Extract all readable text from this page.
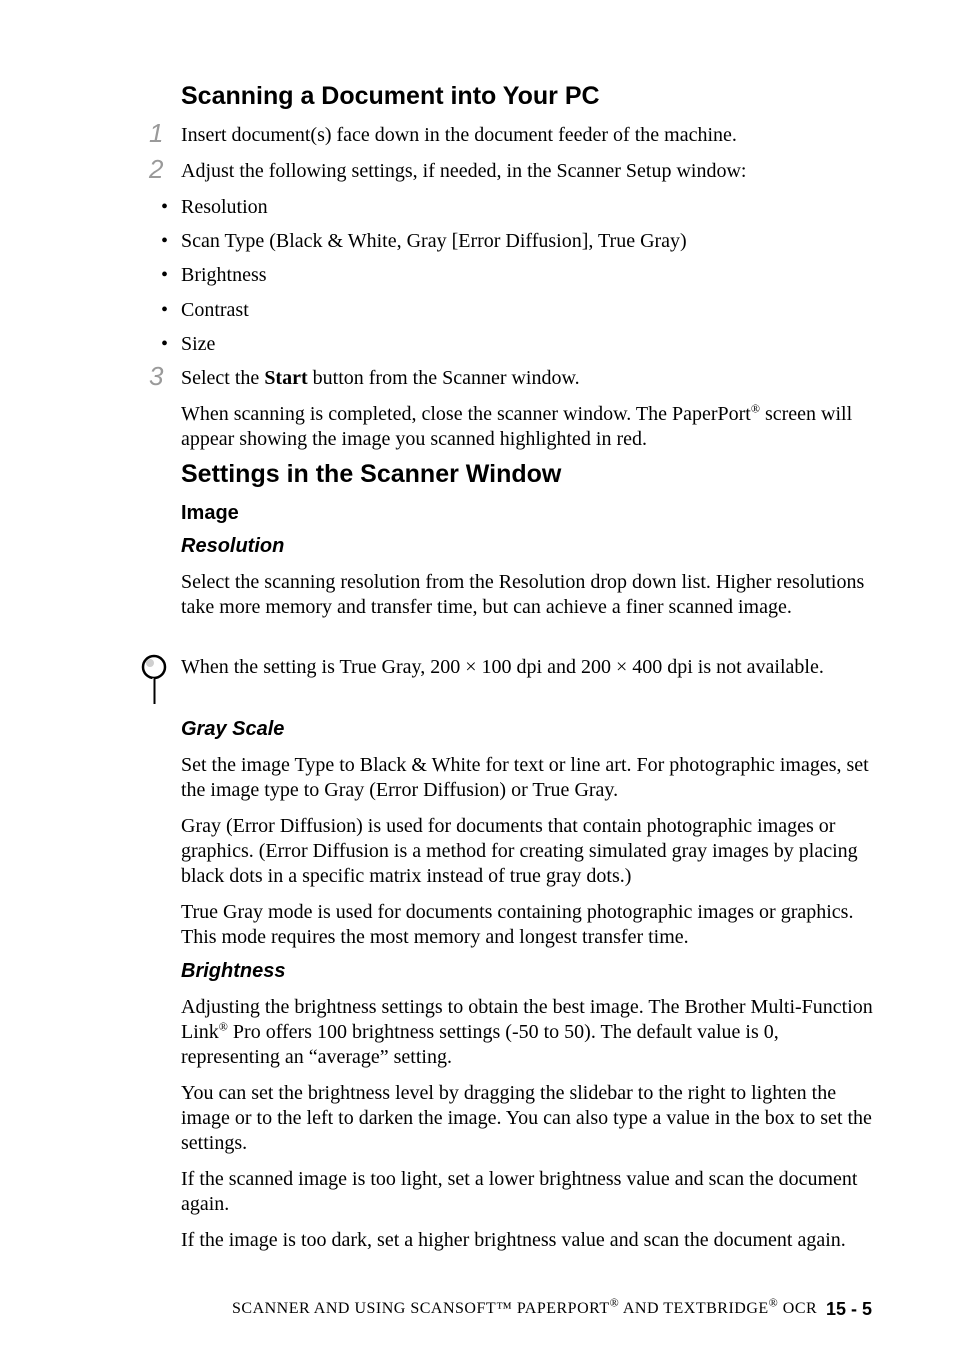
Scanning a Document into Your PC
1 Insert document(s) face down in the document feeder of the machine.
2 Adjust the following settings, if needed, in the Scanner Setup window:
• Resolution
• Scan Type (Black & White, Gray [Error Diffusion], True Gray)
• Brightness
• Contrast
• Size
3 Select the Start button from the Scanner window.
When scanning is completed, close the scanner window. The PaperPort® screen will appear showing the image you scanned highlighted in red.
Settings in the Scanner Window
Image
Resolution
Select the scanning resolution from the Resolution drop down list. Higher resolutions take more memory and transfer time, but can achieve a finer scanned image.
When the setting is True Gray, 200 × 100 dpi and 200 × 400 dpi is not available.
Gray Scale
Set the image Type to Black & White for text or line art. For photographic images, set the image type to Gray (Error Diffusion) or True Gray.
Gray (Error Diffusion) is used for documents that contain photographic images or graphics. (Error Diffusion is a method for creating simulated gray images by placing black dots in a specific matrix instead of true gray dots.)
True Gray mode is used for documents containing photographic images or graphics. This mode requires the most memory and longest transfer time.
Brightness
Adjusting the brightness settings to obtain the best image. The Brother Multi-Function Link® Pro offers 100 brightness settings (-50 to 50). The default value is 0, representing an “average” setting.
You can set the brightness level by dragging the slidebar to the right to lighten the image or to the left to darken the image. You can also type a value in the box to set the settings.
If the scanned image is too light, set a lower brightness value and scan the document again.
If the image is too dark, set a higher brightness value and scan the document again.
SCANNER AND USING SCANSOFT™ PAPERPORT® AND TEXTBRIDGE® OCR 15 - 5
